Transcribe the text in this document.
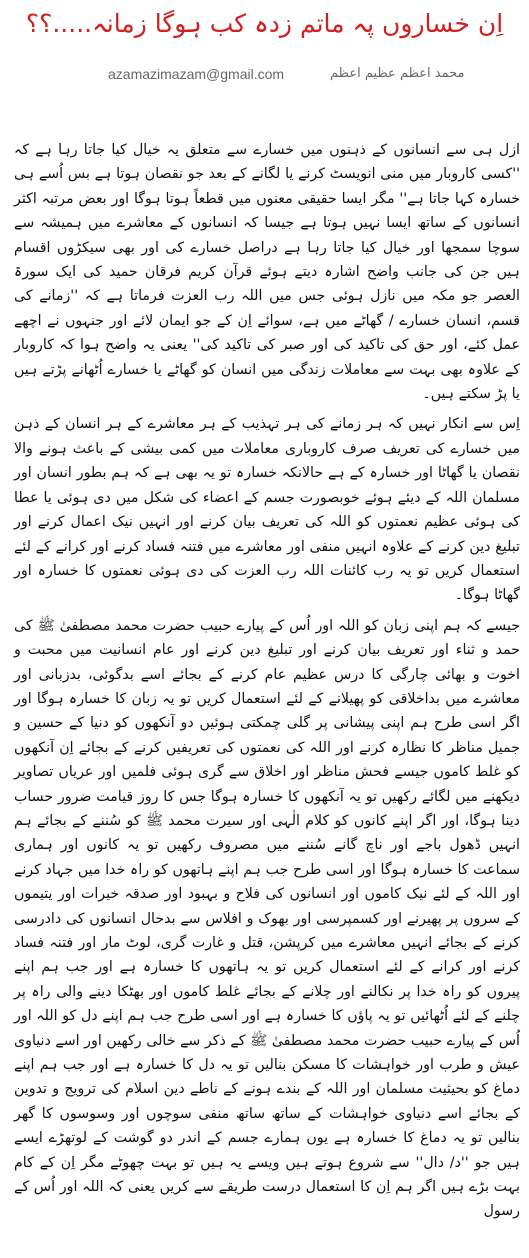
اِن خساروں پہ ماتم زدہ کب ہوگا زمانہ.....؟؟
azamazimazam@gmail.com	محمد اعظم عظیم اعظم

ازل ہی سے انسانوں کے ذہنوں میں خسارے سے متعلق یہ خیال کیا جاتا رہا ہے کہ ''کسی کاروبار میں منی انویسٹ کرنے یا لگانے کے بعد جو نقصان ہوتا ہے بس اُسے ہی خسارہ کہا جاتا ہے'' مگر ایسا حقیقی معنوں میں قطعاً ہوتا ہوگا اور بعض مرتبہ اکثر انسانوں کے ساتھ ایسا نہیں ہوتا ہے جیسا کہ انسانوں کے معاشرے میں ہمیشہ سے سوچا سمجھا اور خیال کیا جاتا رہا ہے دراصل خسارے کی اور بھی سیکڑوں اقسام ہیں جن کی جانب واضح اشارہ دیتے ہوئے قرآن کریم فرقان حمید کی ایک سورۃ العصر جو مکہ میں نازل ہوئی جس میں اللہ رب العزت فرماتا ہے کہ ''زمانے کی قسم، انسان خسارے / گھاٹے میں ہے، سوائے اِن کے جو ایمان لائے اور جنہوں نے اچھے عمل کئے، اور حق کی تاکید کی اور صبر کی تاکید کی'' یعنی یہ واضح ہوا کہ کاروبار کے علاوہ بھی بہت سے معاملات زندگی میں انسان کو گھاٹے یا خسارے اُٹھانے پڑتے ہیں یا پڑ سکتے ہیں۔

اِس سے انکار نہیں کہ ہر زمانے کی ہر تہذیب کے ہر معاشرے کے ہر انسان کے ذہن میں خسارے کی تعریف صرف کاروباری معاملات میں کمی بیشی کے باعث ہونے والا نقصان یا گھاٹا اور خسارہ کے ہے حالانکہ خسارہ تو یہ بھی ہے کہ ہم بطور انسان اور مسلمان اللہ کے دیئے ہوئے خوبصورت جسم کے اعضاء کی شکل میں دی ہوئی یا عطا کی ہوئی عظیم نعمتوں کو اللہ کی تعریف بیان کرنے اور انہیں نیک اعمال کرنے اور تبلیغ دین کرنے کے علاوہ انہیں منفی اور معاشرے میں فتنہ فساد کرنے اور کرانے کے لئے استعمال کریں تو یہ رب کائنات اللہ رب العزت کی دی ہوئی نعمتوں کا خسارہ اور گھاٹا ہوگا۔

جیسے کہ ہم اپنی زبان کو اللہ اور اُس کے پیارے حبیب حضرت محمد مصطفیٰ ﷺ کی حمد و ثناء اور تعریف بیان کرنے اور تبلیغ دین کرنے اور عام انسانیت میں محبت و اخوت و بھائی چارگی کا درس عظیم عام کرنے کے بجائے اسے بدگوئی، بدزبانی اور معاشرے میں بداخلاقی کو پھیلانے کے لئے استعمال کریں تو یہ زبان کا خسارہ ہوگا اور اگر اسی طرح ہم اپنی پیشانی پر گلی چمکتی ہوئیں دو آنکھوں کو دنیا کے حسین و جمیل مناظر کا نظارہ کرنے اور اللہ کی نعمتوں کی تعریفیں کرنے کے بجائے اِن آنکھوں کو غلط کاموں جیسے فحش مناظر اور اخلاق سے گری ہوئی فلمیں اور عریاں تصاویر دیکھنے میں لگائے رکھیں تو یہ آنکھوں کا خسارہ ہوگا جس کا روز قیامت ضرور حساب دینا ہوگا، اور اگر اپنے کانوں کو کلام الٰہی اور سیرت محمد ﷺ کو سُننے کے بجائے ہم انہیں ڈھول باجے اور ناچ گانے سُننے میں مصروف رکھیں تو یہ کانوں اور ہماری سماعت کا خسارہ ہوگا اور اسی طرح جب ہم اپنے ہاتھوں کو راہ خدا میں جہاد کرنے اور اللہ کے لئے نیک کاموں اور انسانوں کی فلاح و بہبود اور صدقہ خیرات اور یتیموں کے سروں پر پھیرنے اور کسمپرسی اور بھوک و افلاس سے بدحال انسانوں کی دادرسی کرنے کے بجائے انہیں معاشرے میں کرپشن، قتل و غارت گری، لوٹ مار اور فتنہ فساد کرنے اور کرانے کے لئے استعمال کریں تو یہ ہاتھوں کا خسارہ ہے اور جب ہم اپنے پیروں کو راہ خدا پر نکالنے اور چلانے کے بجائے غلط کاموں اور بھٹکا دینے والی راہ پر چلنے کے لئے اُٹھائیں تو یہ پاؤں کا خسارہ ہے اور اسی طرح جب ہم اپنے دل کو اللہ اور اُس کے پیارے حبیب حضرت محمد مصطفیٰ ﷺ کے ذکر سے خالی رکھیں اور اسے دنیاوی عیش و طرب اور خواہشات کا مسکن بنالیں تو یہ دل کا خسارہ ہے اور جب ہم اپنے دماغ کو بحیثیت مسلمان اور اللہ کے بندے ہونے کے ناطے دین اسلام کی ترویج و تدوین کے بجائے اسے دنیاوی خواہشات کے ساتھ ساتھ منفی سوچوں اور وسوسوں کا گھر بنالیں تو یہ دماغ کا خسارہ ہے یوں ہمارے جسم کے اندر دو گوشت کے لوتھڑے ایسے ہیں جو ''د/ دال'' سے شروع ہوتے ہیں ویسے یہ ہیں تو بہت چھوٹے مگر اِن کے کام بہت بڑے ہیں اگر ہم اِن کا استعمال درست طریقے سے کریں یعنی کہ اللہ اور اُس کے رسول
